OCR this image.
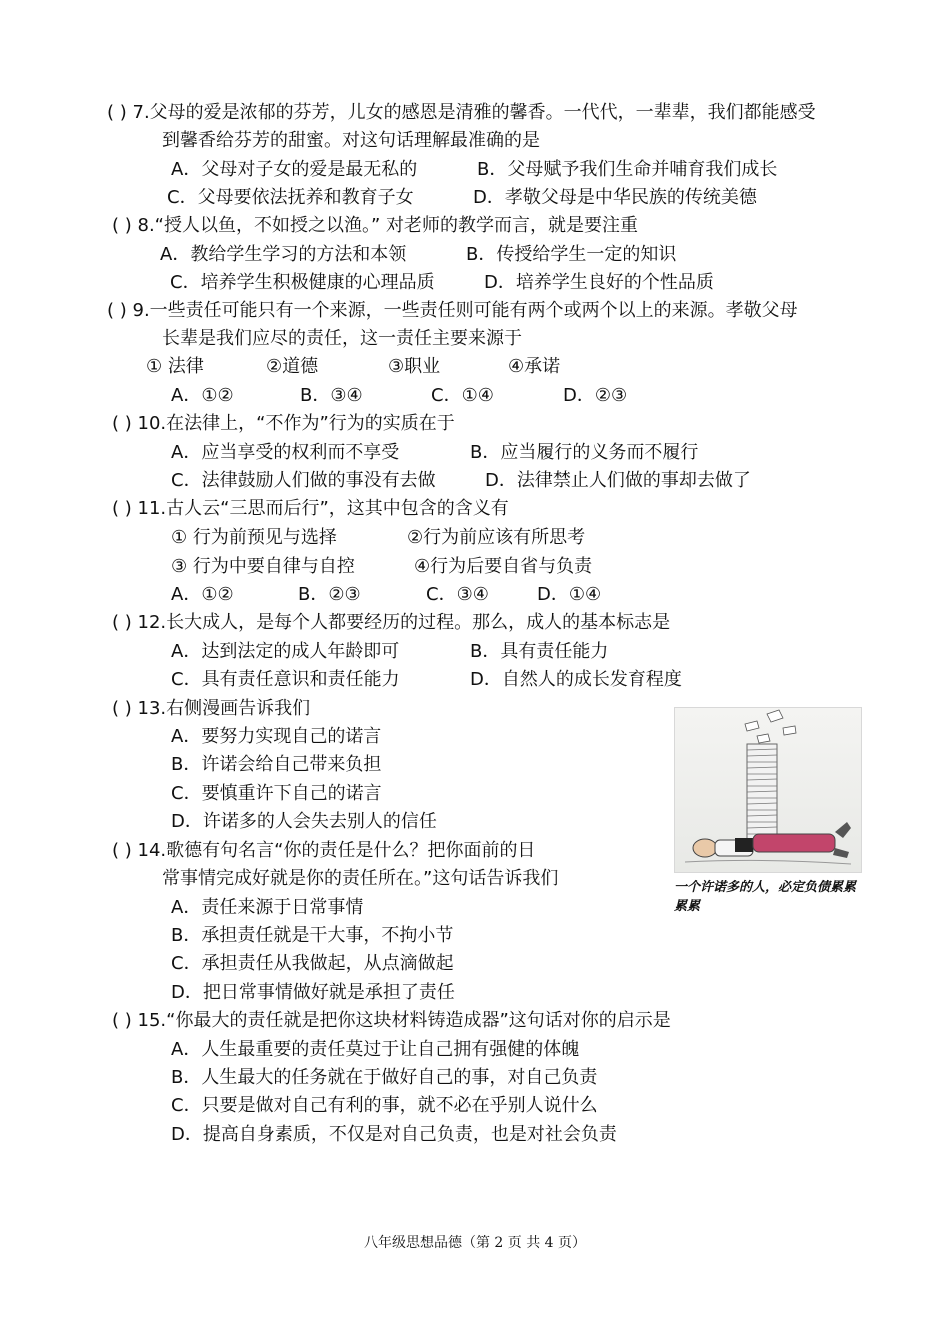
( ) 7.父母的爱是浓郁的芬芳，儿女的感恩是清雅的馨香。一代代，一辈辈，我们都能感受
到馨香给芬芳的甜蜜。对这句话理解最准确的是
A．父母对子女的爱是最无私的	B．父母赋予我们生命并哺育我们成长
C．父母要依法抚养和教育子女	D．孝敬父母是中华民族的传统美德
( ) 8.“授人以鱼，不如授之以渔。” 对老师的教学而言，就是要注重
A．教给学生学习的方法和本领	B．传授给学生一定的知识
C．培养学生积极健康的心理品质	D．培养学生良好的个性品质
( ) 9.一些责任可能只有一个来源，一些责任则可能有两个或两个以上的来源。孝敬父母
长辈是我们应尽的责任，这一责任主要来源于
① 法律	②道德	③职业	④承诺
A．①②	B．③④	C．①④	D．②③
( ) 10.在法律上，“不作为”行为的实质在于
A．应当享受的权利而不享受	B．应当履行的义务而不履行
C．法律鼓励人们做的事没有去做	D．法律禁止人们做的事却去做了
( ) 11.古人云“三思而后行”，这其中包含的含义有
① 行为前预见与选择	②行为前应该有所思考
③ 行为中要自律与自控	④行为后要自省与负责
A．①②	B．②③	C．③④	D．①④
( ) 12.长大成人，是每个人都要经历的过程。那么，成人的基本标志是
A．达到法定的成人年龄即可	B．具有责任能力
C．具有责任意识和责任能力	D．自然人的成长发育程度
( ) 13.右侧漫画告诉我们
A．要努力实现自己的诺言
B．许诺会给自己带来负担
C．要慎重许下自己的诺言
D．许诺多的人会失去别人的信任
一个许诺多的人，必定负债累累累累
( ) 14.歌德有句名言“你的责任是什么？把你面前的日
常事情完成好就是你的责任所在。”这句话告诉我们
A．责任来源于日常事情
B．承担责任就是干大事，不拘小节
C．承担责任从我做起，从点滴做起
D．把日常事情做好就是承担了责任
( ) 15.“你最大的责任就是把你这块材料铸造成器”这句话对你的启示是
A．人生最重要的责任莫过于让自己拥有强健的体魄
B．人生最大的任务就在于做好自己的事，对自己负责
C．只要是做对自己有利的事，就不必在乎别人说什么
D．提高自身素质，不仅是对自己负责，也是对社会负责
八年级思想品德（第 2 页 共 4 页）
